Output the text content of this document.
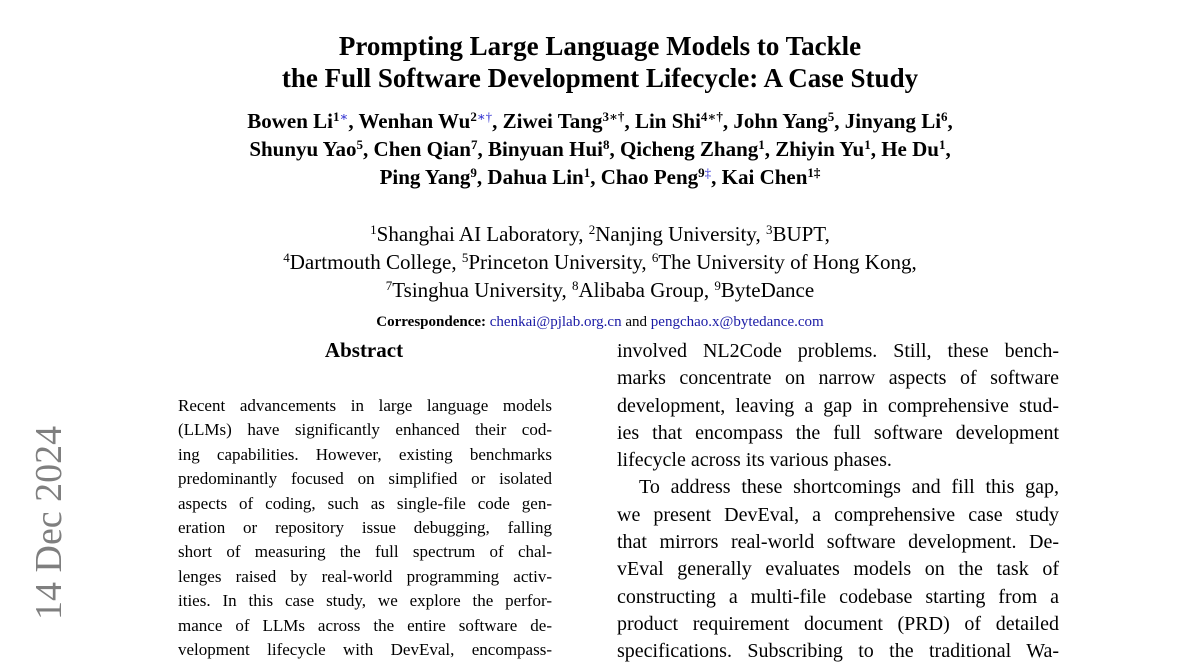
14 Dec 2024
Prompting Large Language Models to Tackle
the Full Software Development Lifecycle: A Case Study
Bowen $Li^{1∗}$, Wenhan $Wu^{2∗\dagger}$, Ziwei Tang$^{3∗\dagger}$, Lin Shi$^{4∗\dagger}$, John Yang$^5$, Jinyang Li$^6$,
Shunyu Yao$^5$, Chen Qian$^7$, Binyuan Hui$^8$, Qicheng Zhang$^1$, Zhiyin Yu$^1$, He Du$^1$,
Ping Yang$^9$, Dahua Lin$^1$, Chao Peng$^{9\ddagger}$, Kai Chen$^{1\ddagger}$
$^1$Shanghai AI Laboratory, $^2$Nanjing University, $^3$BUPT,
$^4$Dartmouth College, $^5$Princeton University, $^6$The University of Hong Kong,
$^7$Tsinghua University, $^8$Alibaba Group, $^9$ByteDance
Correspondence: chenkai@pjlab.org.cn and pengchao.x@bytedance.com
Abstract
Recent advancements in large language models
(LLMs) have significantly enhanced their cod-
ing capabilities. However, existing benchmarks
predominantly focused on simplified or isolated
aspects of coding, such as single-file code gen-
eration or repository issue debugging, falling
short of measuring the full spectrum of chal-
lenges raised by real-world programming activ-
ities. In this case study, we explore the perfor-
mance of LLMs across the entire software de-
velopment lifecycle with DevEval, encompass-
involved NL2Code problems. Still, these bench-
marks concentrate on narrow aspects of software
development, leaving a gap in comprehensive stud-
ies that encompass the full software development
lifecycle across its various phases.
To address these shortcomings and fill this gap,
we present DevEval, a comprehensive case study
that mirrors real-world software development. De-
vEval generally evaluates models on the task of
constructing a multi-file codebase starting from a
product requirement document (PRD) of detailed
specifications. Subscribing to the traditional Wa-
